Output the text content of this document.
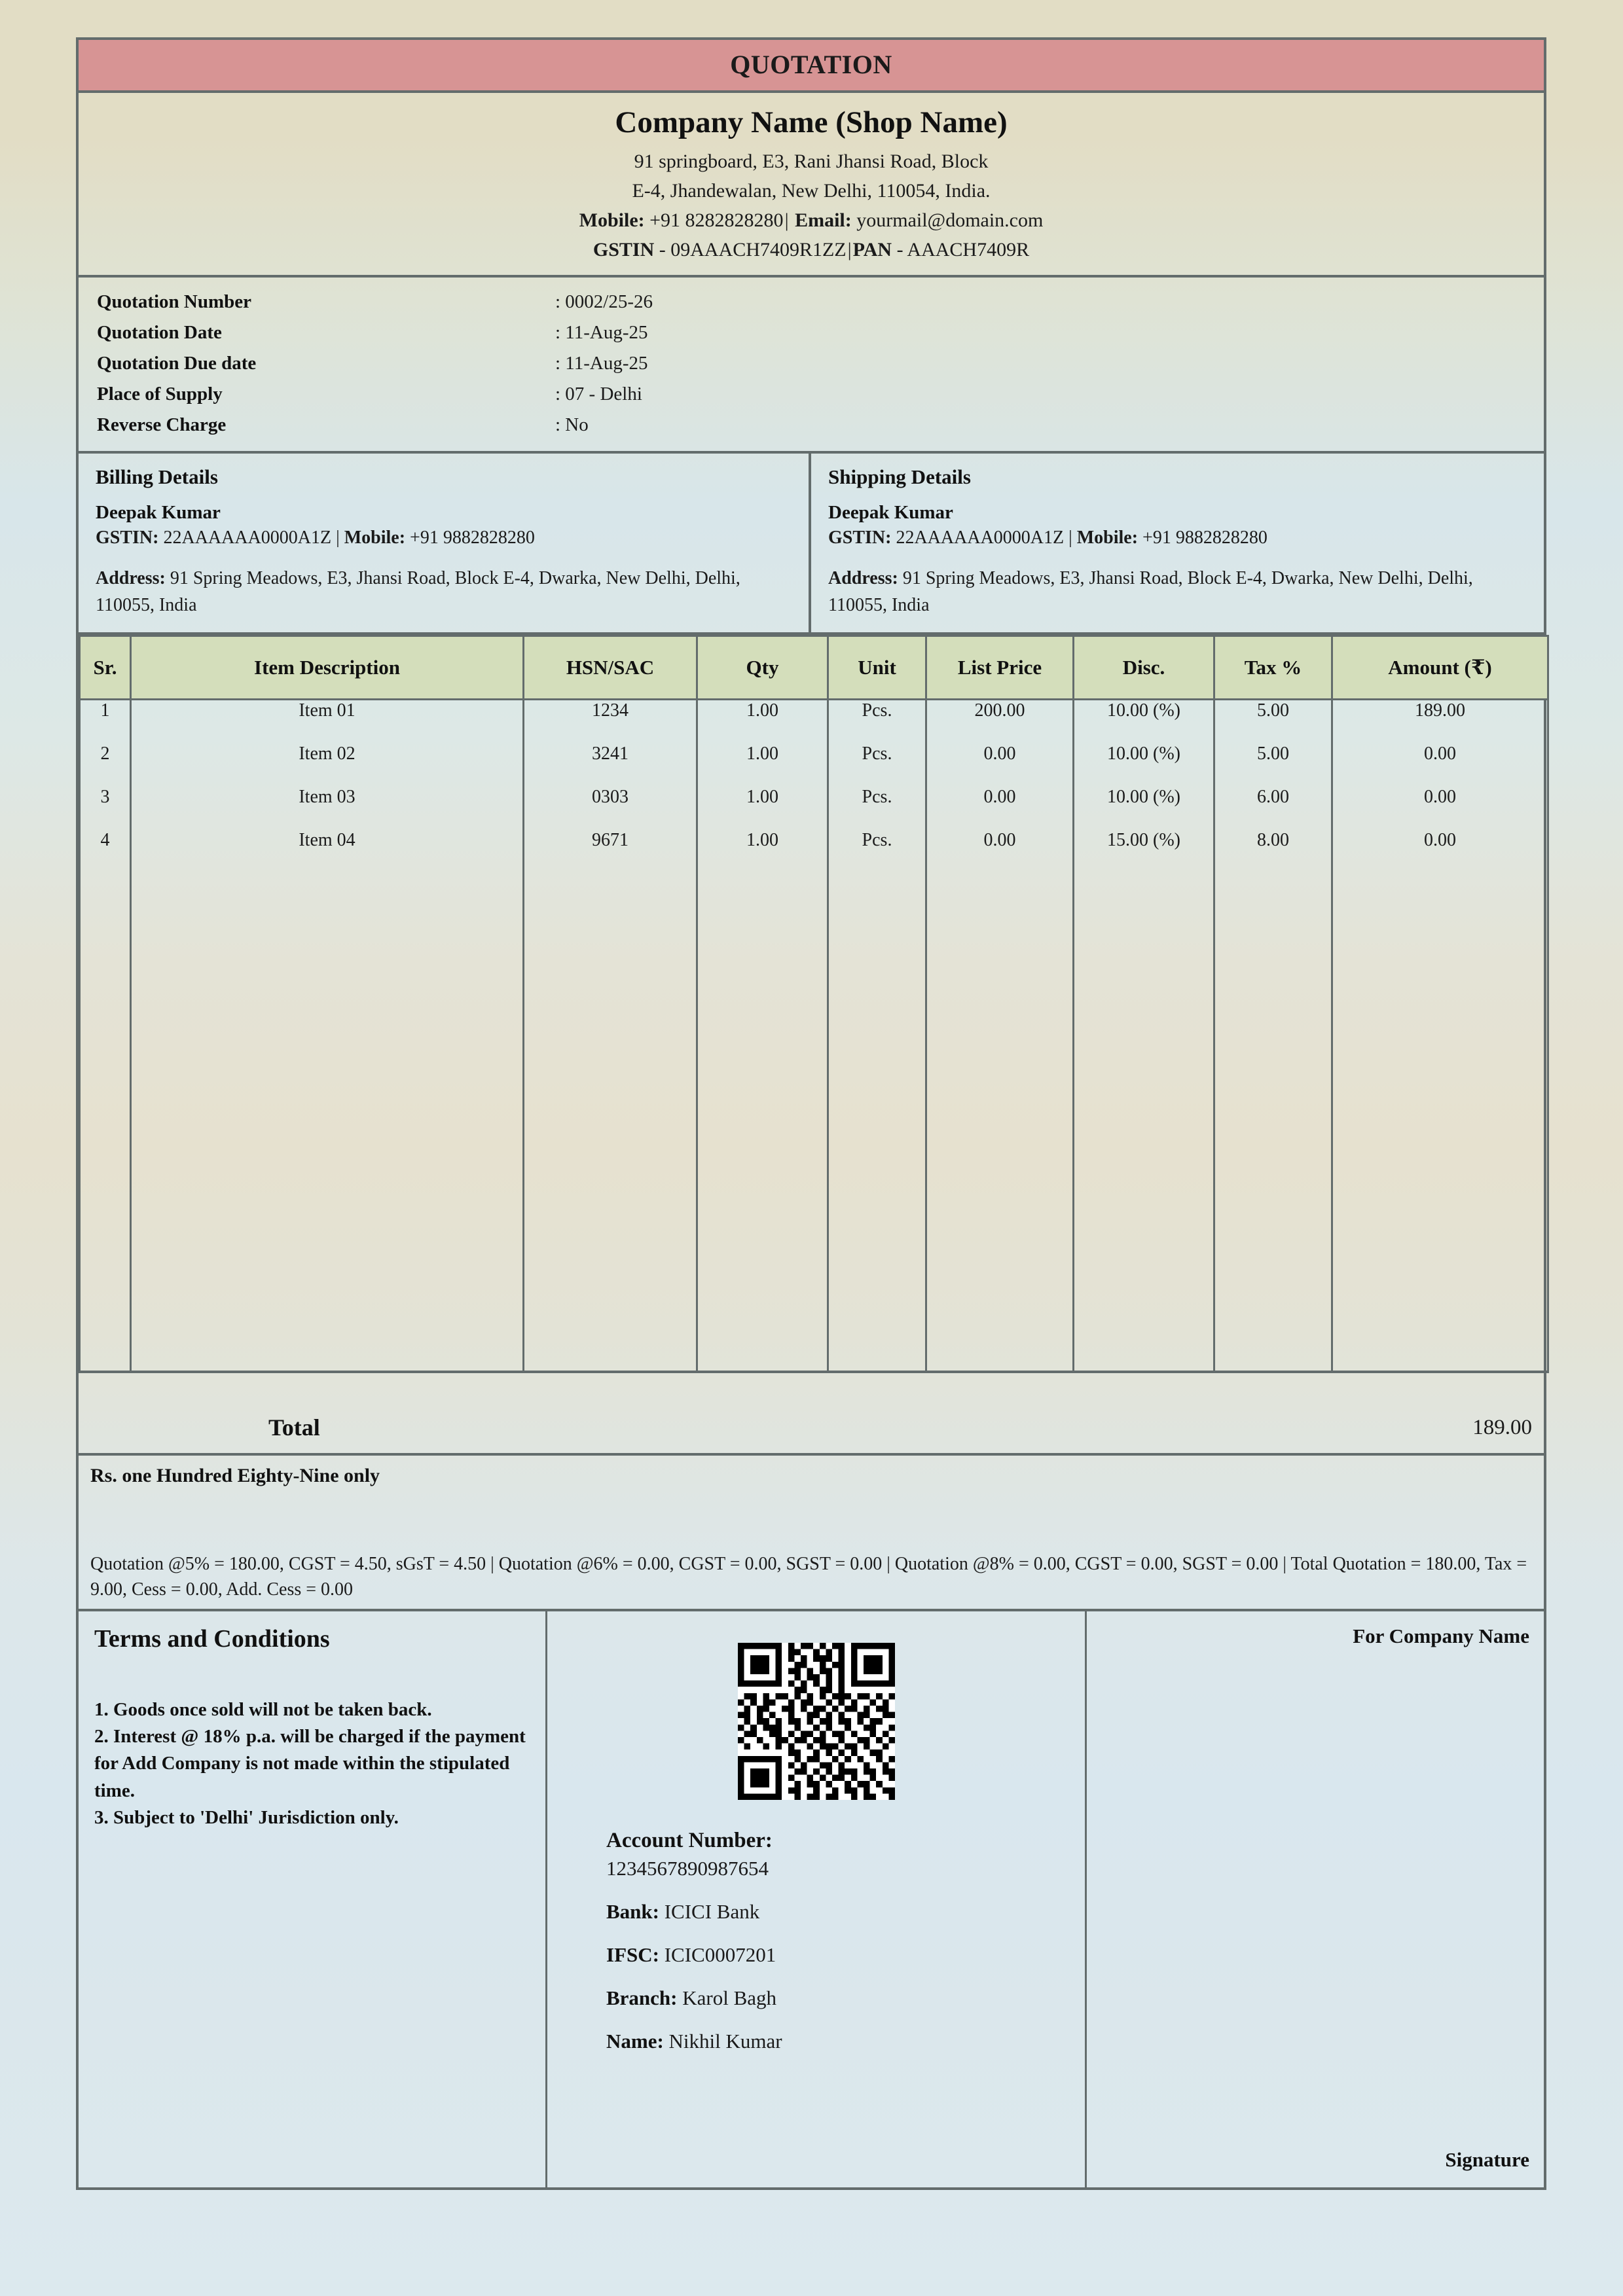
QUOTATION
Company Name (Shop Name)
91 springboard, E3, Rani Jhansi Road, Block
E-4, Jhandewalan, New Delhi, 110054, India.
Mobile: +91 8282828280| Email: yourmail@domain.com
GSTIN - 09AAACH7409R1ZZ|PAN - AAACH7409R
Quotation Number	: 0002/25-26
Quotation Date	: 11-Aug-25
Quotation Due date	: 11-Aug-25
Place of Supply	: 07 - Delhi
Reverse Charge	: No
Billing Details
Deepak Kumar
GSTIN: 22AAAAAA0000A1Z | Mobile: +91 9882828280
Address: 91 Spring Meadows, E3, Jhansi Road, Block E-4, Dwarka, New Delhi, Delhi, 110055, India
Shipping Details
Deepak Kumar
GSTIN: 22AAAAAA0000A1Z | Mobile: +91 9882828280
Address: 91 Spring Meadows, E3, Jhansi Road, Block E-4, Dwarka, New Delhi, Delhi, 110055, India
Sr.	Item Description	HSN/SAC	Qty	Unit	List Price	Disc.	Tax %	Amount (₹)
1	Item 01	1234	1.00	Pcs.	200.00	10.00 (%)	5.00	189.00
2	Item 02	3241	1.00	Pcs.	0.00	10.00 (%)	5.00	0.00
3	Item 03	0303	1.00	Pcs.	0.00	10.00 (%)	6.00	0.00
4	Item 04	9671	1.00	Pcs.	0.00	15.00 (%)	8.00	0.00

Total	189.00
Rs. one Hundred Eighty-Nine only
Quotation @5% = 180.00, CGST = 4.50, sGsT = 4.50 | Quotation @6% = 0.00, CGST = 0.00, SGST = 0.00 | Quotation @8% = 0.00, CGST = 0.00, SGST = 0.00 | Total Quotation = 180.00, Tax = 9.00, Cess = 0.00, Add. Cess = 0.00
Terms and Conditions
1. Goods once sold will not be taken back.
2. Interest @ 18% p.a. will be charged if the payment for Add Company is not made within the stipulated time.
3. Subject to 'Delhi' Jurisdiction only.
Account Number:
1234567890987654
Bank: ICICI Bank
IFSC: ICIC0007201
Branch: Karol Bagh
Name: Nikhil Kumar
For Company Name
Signature
